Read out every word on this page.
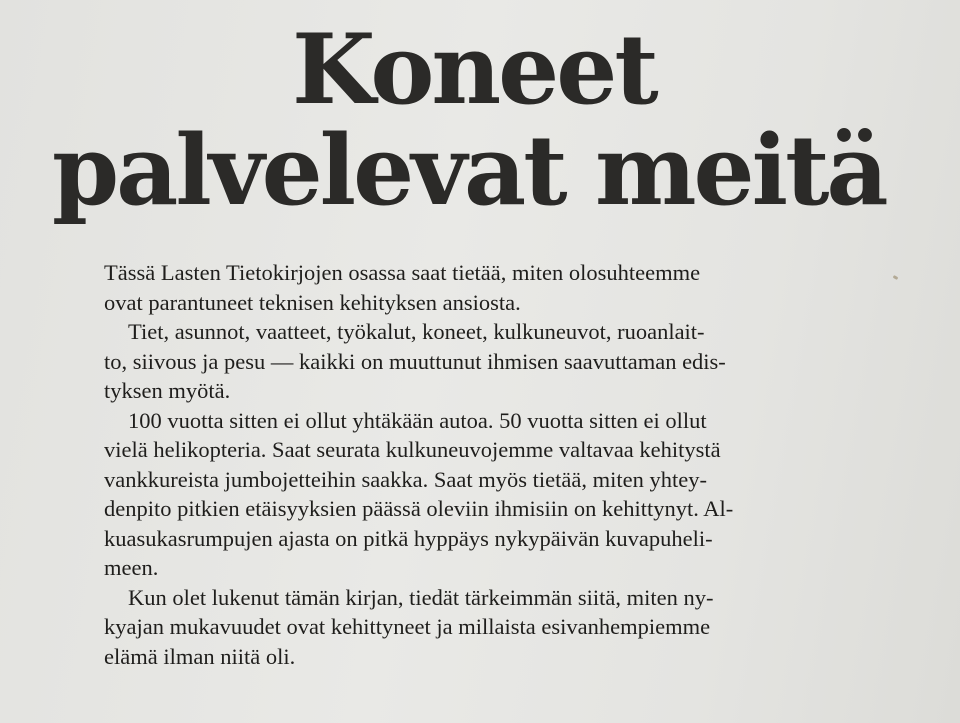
Koneet
palvelevat meitä

Tässä Lasten Tietokirjojen osassa saat tietää, miten olosuhteemme
ovat parantuneet teknisen kehityksen ansiosta.

Tiet, asunnot, vaatteet, työkalut, koneet, kulkuneuvot, ruoanlait-
to, siivous ja pesu — kaikki on muuttunut ihmisen saavuttaman edis-
tyksen myötä.

100 vuotta sitten ei ollut yhtäkään autoa. 50 vuotta sitten ei ollut
vielä helikopteria. Saat seurata kulkuneuvojemme valtavaa kehitystä
vankkureista jumbojetteihin saakka. Saat myös tietää, miten yhtey-
denpito pitkien etäisyyksien päässä oleviin ihmisiin on kehittynyt. Al-
kuasukasrumpujen ajasta on pitkä hyppäys nykypäivän kuvapuheli-
meen.

Kun olet lukenut tämän kirjan, tiedät tärkeimmän siitä, miten ny-
kyajan mukavuudet ovat kehittyneet ja millaista esivanhempiemme
elämä ilman niitä oli.
